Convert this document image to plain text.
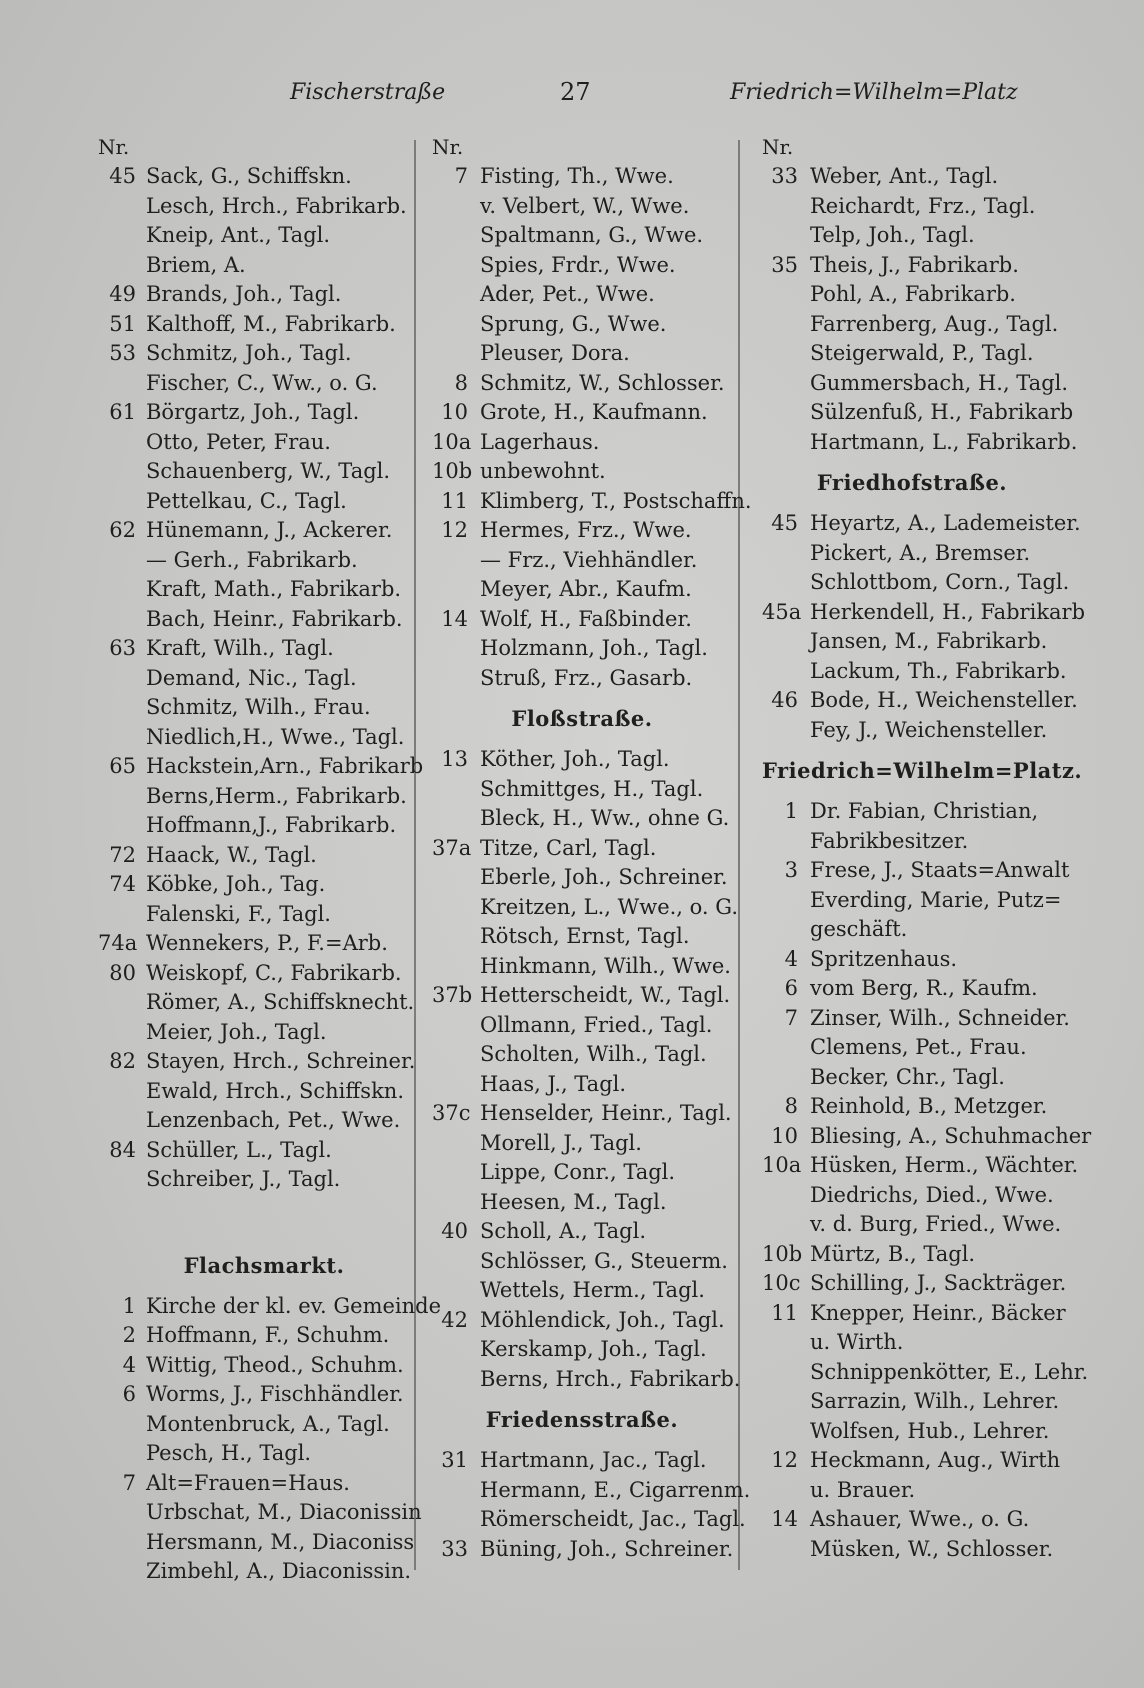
Fischerstraße	27	Friedrich=Wilhelm=Platz
Nr.
45 Sack, G., Schiffskn.
Lesch, Hrch., Fabrikarb.
Kneip, Ant., Tagl.
Briem, A.
49 Brands, Joh., Tagl.
51 Kalthoff, M., Fabrikarb.
53 Schmitz, Joh., Tagl.
Fischer, C., Ww., o. G.
61 Börgartz, Joh., Tagl.
Otto, Peter, Frau.
Schauenberg, W., Tagl.
Pettelkau, C., Tagl.
62 Hünemann, J., Ackerer.
— Gerh., Fabrikarb.
Kraft, Math., Fabrikarb.
Bach, Heinr., Fabrikarb.
63 Kraft, Wilh., Tagl.
Demand, Nic., Tagl.
Schmitz, Wilh., Frau.
Niedlich,H., Wwe., Tagl.
65 Hackstein,Arn., Fabrikarb
Berns,Herm., Fabrikarb.
Hoffmann,J., Fabrikarb.
72 Haack, W., Tagl.
74 Köbke, Joh., Tag.
Falenski, F., Tagl.
74a Wennekers, P., F.=Arb.
80 Weiskopf, C., Fabrikarb.
Römer, A., Schiffsknecht.
Meier, Joh., Tagl.
82 Stayen, Hrch., Schreiner.
Ewald, Hrch., Schiffskn.
Lenzenbach, Pet., Wwe.
84 Schüller, L., Tagl.
Schreiber, J., Tagl.
Flachsmarkt.
1 Kirche der kl. ev. Gemeinde
2 Hoffmann, F., Schuhm.
4 Wittig, Theod., Schuhm.
6 Worms, J., Fischhändler.
Montenbruck, A., Tagl.
Pesch, H., Tagl.
7 Alt=Frauen=Haus.
Urbschat, M., Diaconissin
Hersmann, M., Diaconiss
Zimbehl, A., Diaconissin.
Nr.
7 Fisting, Th., Wwe.
v. Velbert, W., Wwe.
Spaltmann, G., Wwe.
Spies, Frdr., Wwe.
Ader, Pet., Wwe.
Sprung, G., Wwe.
Pleuser, Dora.
8 Schmitz, W., Schlosser.
10 Grote, H., Kaufmann.
10a Lagerhaus.
10b unbewohnt.
11 Klimberg, T., Postschaffn.
12 Hermes, Frz., Wwe.
— Frz., Viehhändler.
Meyer, Abr., Kaufm.
14 Wolf, H., Faßbinder.
Holzmann, Joh., Tagl.
Struß, Frz., Gasarb.
Floßstraße.
13 Köther, Joh., Tagl.
Schmittges, H., Tagl.
Bleck, H., Ww., ohne G.
37a Titze, Carl, Tagl.
Eberle, Joh., Schreiner.
Kreitzen, L., Wwe., o. G.
Rötsch, Ernst, Tagl.
Hinkmann, Wilh., Wwe.
37b Hetterscheidt, W., Tagl.
Ollmann, Fried., Tagl.
Scholten, Wilh., Tagl.
Haas, J., Tagl.
37c Henselder, Heinr., Tagl.
Morell, J., Tagl.
Lippe, Conr., Tagl.
Heesen, M., Tagl.
40 Scholl, A., Tagl.
Schlösser, G., Steuerm.
Wettels, Herm., Tagl.
42 Möhlendick, Joh., Tagl.
Kerskamp, Joh., Tagl.
Berns, Hrch., Fabrikarb.
Friedensstraße.
31 Hartmann, Jac., Tagl.
Hermann, E., Cigarrenm.
Römerscheidt, Jac., Tagl.
33 Büning, Joh., Schreiner.
Nr.
33 Weber, Ant., Tagl.
Reichardt, Frz., Tagl.
Telp, Joh., Tagl.
35 Theis, J., Fabrikarb.
Pohl, A., Fabrikarb.
Farrenberg, Aug., Tagl.
Steigerwald, P., Tagl.
Gummersbach, H., Tagl.
Sülzenfuß, H., Fabrikarb
Hartmann, L., Fabrikarb.
Friedhofstraße.
45 Heyartz, A., Lademeister.
Pickert, A., Bremser.
Schlottbom, Corn., Tagl.
45a Herkendell, H., Fabrikarb
Jansen, M., Fabrikarb.
Lackum, Th., Fabrikarb.
46 Bode, H., Weichensteller.
Fey, J., Weichensteller.
Friedrich=Wilhelm=Platz.
1 Dr. Fabian, Christian,
Fabrikbesitzer.
3 Frese, J., Staats=Anwalt
Everding, Marie, Putz=
geschäft.
4 Spritzenhaus.
6 vom Berg, R., Kaufm.
7 Zinser, Wilh., Schneider.
Clemens, Pet., Frau.
Becker, Chr., Tagl.
8 Reinhold, B., Metzger.
10 Bliesing, A., Schuhmacher
10a Hüsken, Herm., Wächter.
Diedrichs, Died., Wwe.
v. d. Burg, Fried., Wwe.
10b Mürtz, B., Tagl.
10c Schilling, J., Sackträger.
11 Knepper, Heinr., Bäcker
u. Wirth.
Schnippenkötter, E., Lehr.
Sarrazin, Wilh., Lehrer.
Wolfsen, Hub., Lehrer.
12 Heckmann, Aug., Wirth
u. Brauer.
14 Ashauer, Wwe., o. G.
Müsken, W., Schlosser.
